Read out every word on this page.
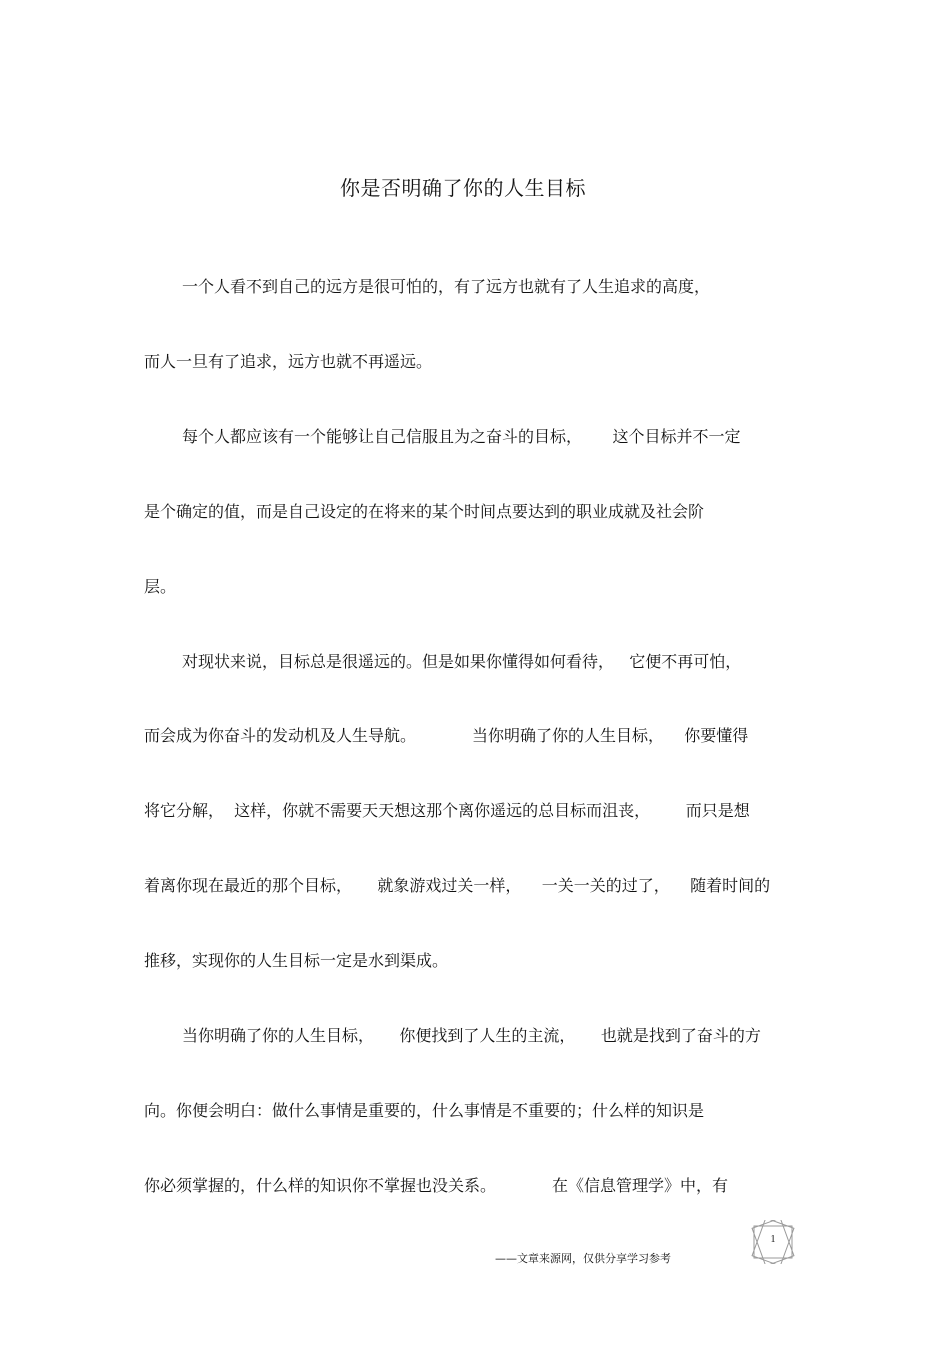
你是否明确了你的人生目标
一个人看不到自己的远方是很可怕的，有了远方也就有了人生追求的高度，
而人一旦有了追求，远方也就不再遥远。
每个人都应该有一个能够让自己信服且为之奋斗的目标，      这个目标并不一定
是个确定的值，而是自己设定的在将来的某个时间点要达到的职业成就及社会阶
层。
对现状来说，目标总是很遥远的。但是如果你懂得如何看待，   它便不再可怕，
而会成为你奋斗的发动机及人生导航。           当你明确了你的人生目标，    你要懂得
将它分解，  这样，你就不需要天天想这那个离你遥远的总目标而沮丧，       而只是想
着离你现在最近的那个目标，     就象游戏过关一样，    一关一关的过了，    随着时间的
推移，实现你的人生目标一定是水到渠成。
当你明确了你的人生目标，     你便找到了人生的主流，     也就是找到了奋斗的方
向。你便会明白：做什么事情是重要的，什么事情是不重要的；什么样的知识是
你必须掌握的，什么样的知识你不掌握也没关系。           在《信息管理学》中，有
1
——文章来源网，仅供分享学习参考
